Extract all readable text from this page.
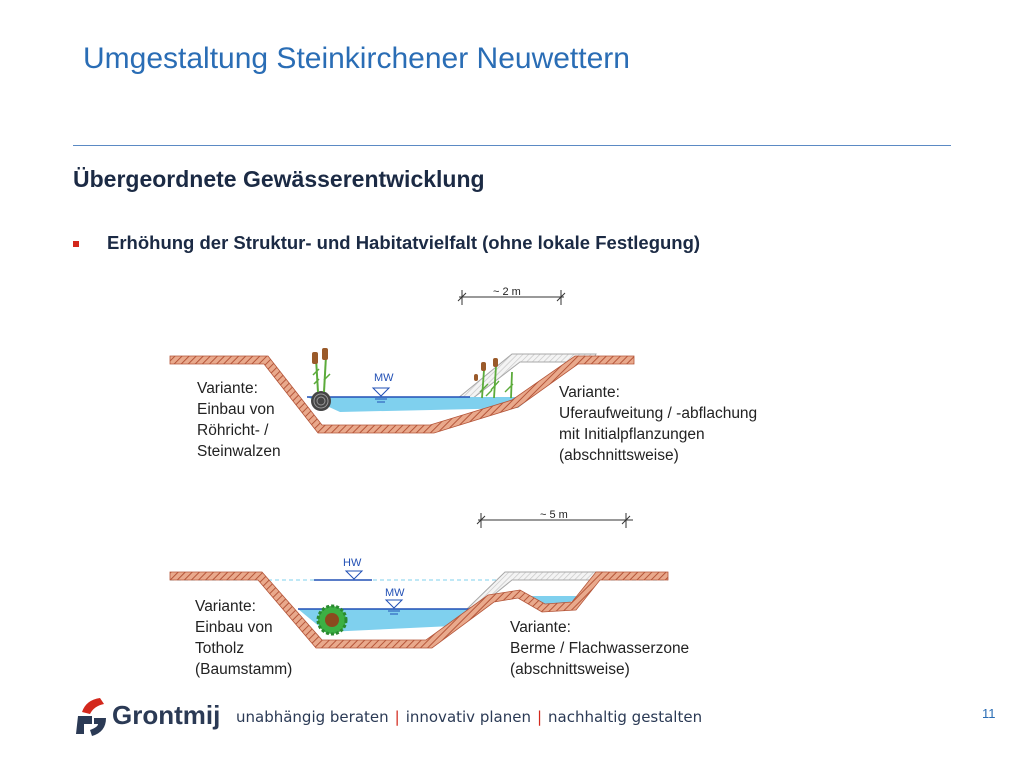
Umgestaltung Steinkirchener Neuwettern
Übergeordnete Gewässerentwicklung
Erhöhung der Struktur- und Habitatvielfalt (ohne lokale Festlegung)
MW
~ 2 m
Variante:
Einbau von
Röhricht- /
Steinwalzen
Variante:
Uferaufweitung / -abflachung
mit Initialpflanzungen
(abschnittsweise)
HW
MW
~ 5 m
Variante:
Einbau von
Totholz
(Baumstamm)
Variante:
Berme / Flachwasserzone
(abschnittsweise)
Grontmij unabhängig beraten | innovativ planen | nachhaltig gestalten	11
